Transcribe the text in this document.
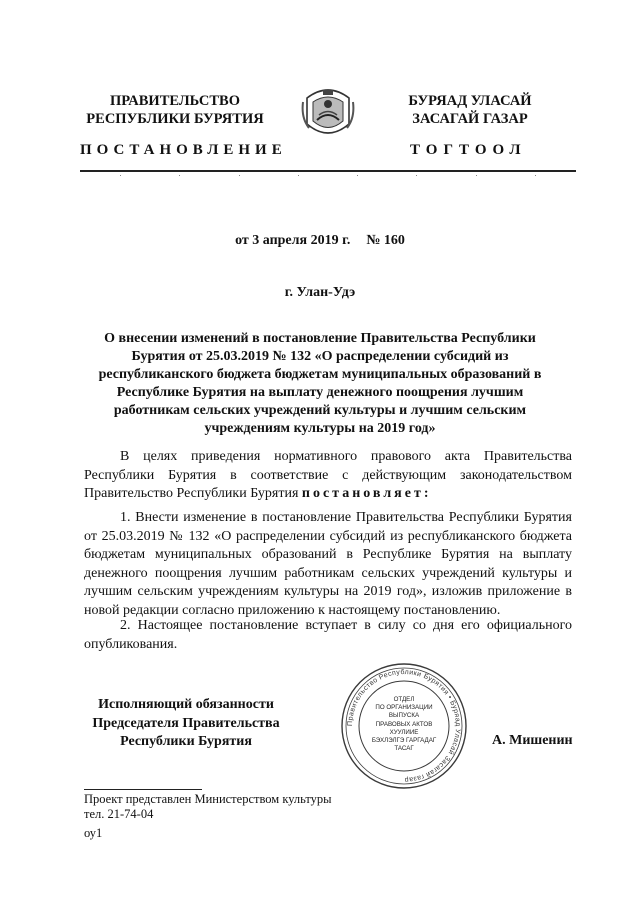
ПРАВИТЕЛЬСТВО
РЕСПУБЛИКИ БУРЯТИЯ
БУРЯАД УЛАСАЙ
ЗАСАГАЙ ГАЗАР
ПОСТАНОВЛЕНИЕ	ТОГТООЛ
от 3 апреля 2019 г. № 160
г. Улан-Удэ
О внесении изменений в постановление Правительства Республики Бурятия от 25.03.2019 № 132 «О распределении субсидий из республиканского бюджета бюджетам муниципальных образований в Республике Бурятия на выплату денежного поощрения лучшим работникам сельских учреждений культуры и лучшим сельским учреждениям культуры на 2019 год»
В целях приведения нормативного правового акта Правительства Республики Бурятия в соответствие с действующим законодательством Правительство Республики Бурятия постановляет:
1. Внести изменение в постановление Правительства Республики Бурятия от 25.03.2019 № 132 «О распределении субсидий из республиканского бюджета бюджетам муниципальных образований в Республике Бурятия на выплату денежного поощрения лучшим работникам сельских учреждений культуры и лучшим сельским учреждениям культуры на 2019 год», изложив приложение в новой редакции согласно приложению к настоящему постановлению.
2. Настоящее постановление вступает в силу со дня его официального опубликования.
Исполняющий обязанности
Председателя Правительства
Республики Бурятия
Правительство Республики Бурятия • Буряад Уласай Засагай газар
ОТДЕЛ
ПО ОРГАНИЗАЦИИ
ВЫПУСКА
ПРАВОВЫХ АКТОВ
ХУУЛИИЕ
БЭХЛЭЛГЭ ГАРГАДАГ
ТАСАГ
А. Мишенин
Проект представлен Министерством культуры
тел. 21-74-04
оу1
